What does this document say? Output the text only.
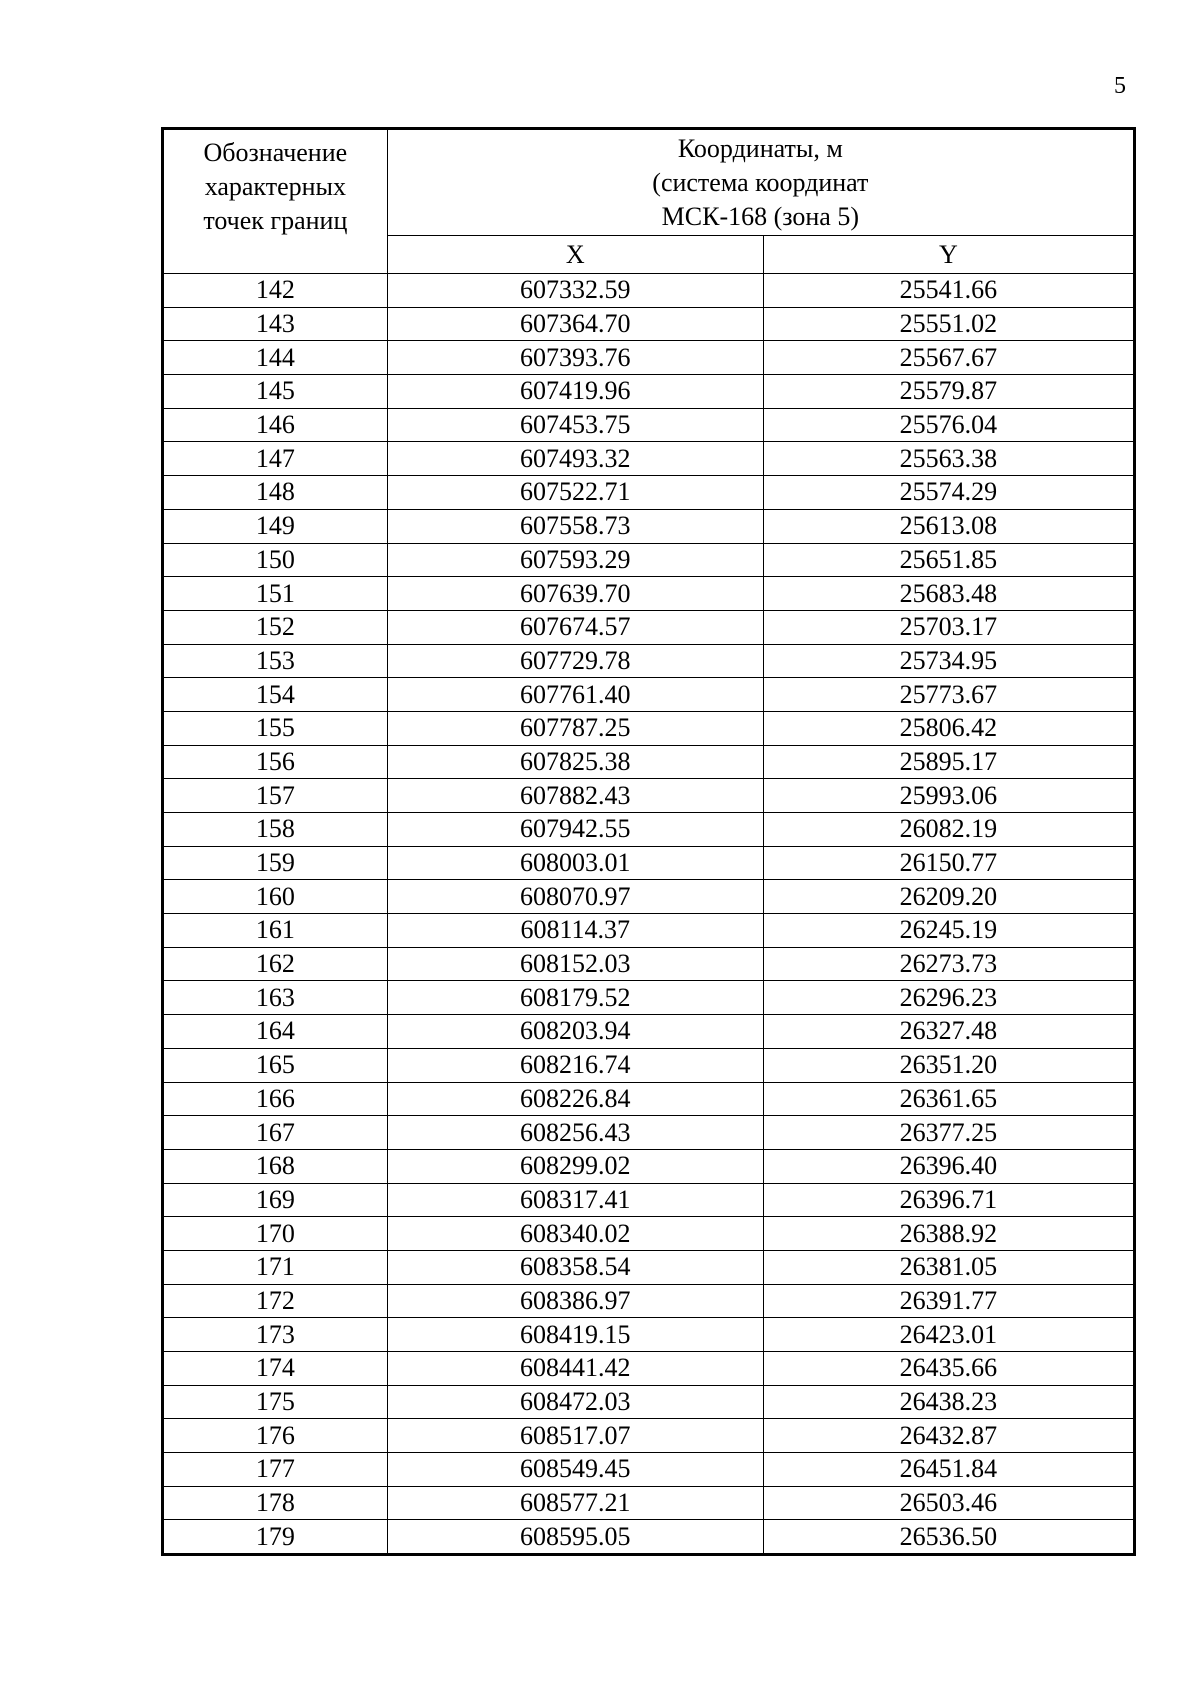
5
Обозначение
характерных
точек границ	Координаты, м
(система координат
МСК-168 (зона 5)	
	X	Y
142	607332.59	25541.66
143	607364.70	25551.02
144	607393.76	25567.67
145	607419.96	25579.87
146	607453.75	25576.04
147	607493.32	25563.38
148	607522.71	25574.29
149	607558.73	25613.08
150	607593.29	25651.85
151	607639.70	25683.48
152	607674.57	25703.17
153	607729.78	25734.95
154	607761.40	25773.67
155	607787.25	25806.42
156	607825.38	25895.17
157	607882.43	25993.06
158	607942.55	26082.19
159	608003.01	26150.77
160	608070.97	26209.20
161	608114.37	26245.19
162	608152.03	26273.73
163	608179.52	26296.23
164	608203.94	26327.48
165	608216.74	26351.20
166	608226.84	26361.65
167	608256.43	26377.25
168	608299.02	26396.40
169	608317.41	26396.71
170	608340.02	26388.92
171	608358.54	26381.05
172	608386.97	26391.77
173	608419.15	26423.01
174	608441.42	26435.66
175	608472.03	26438.23
176	608517.07	26432.87
177	608549.45	26451.84
178	608577.21	26503.46
179	608595.05	26536.50
